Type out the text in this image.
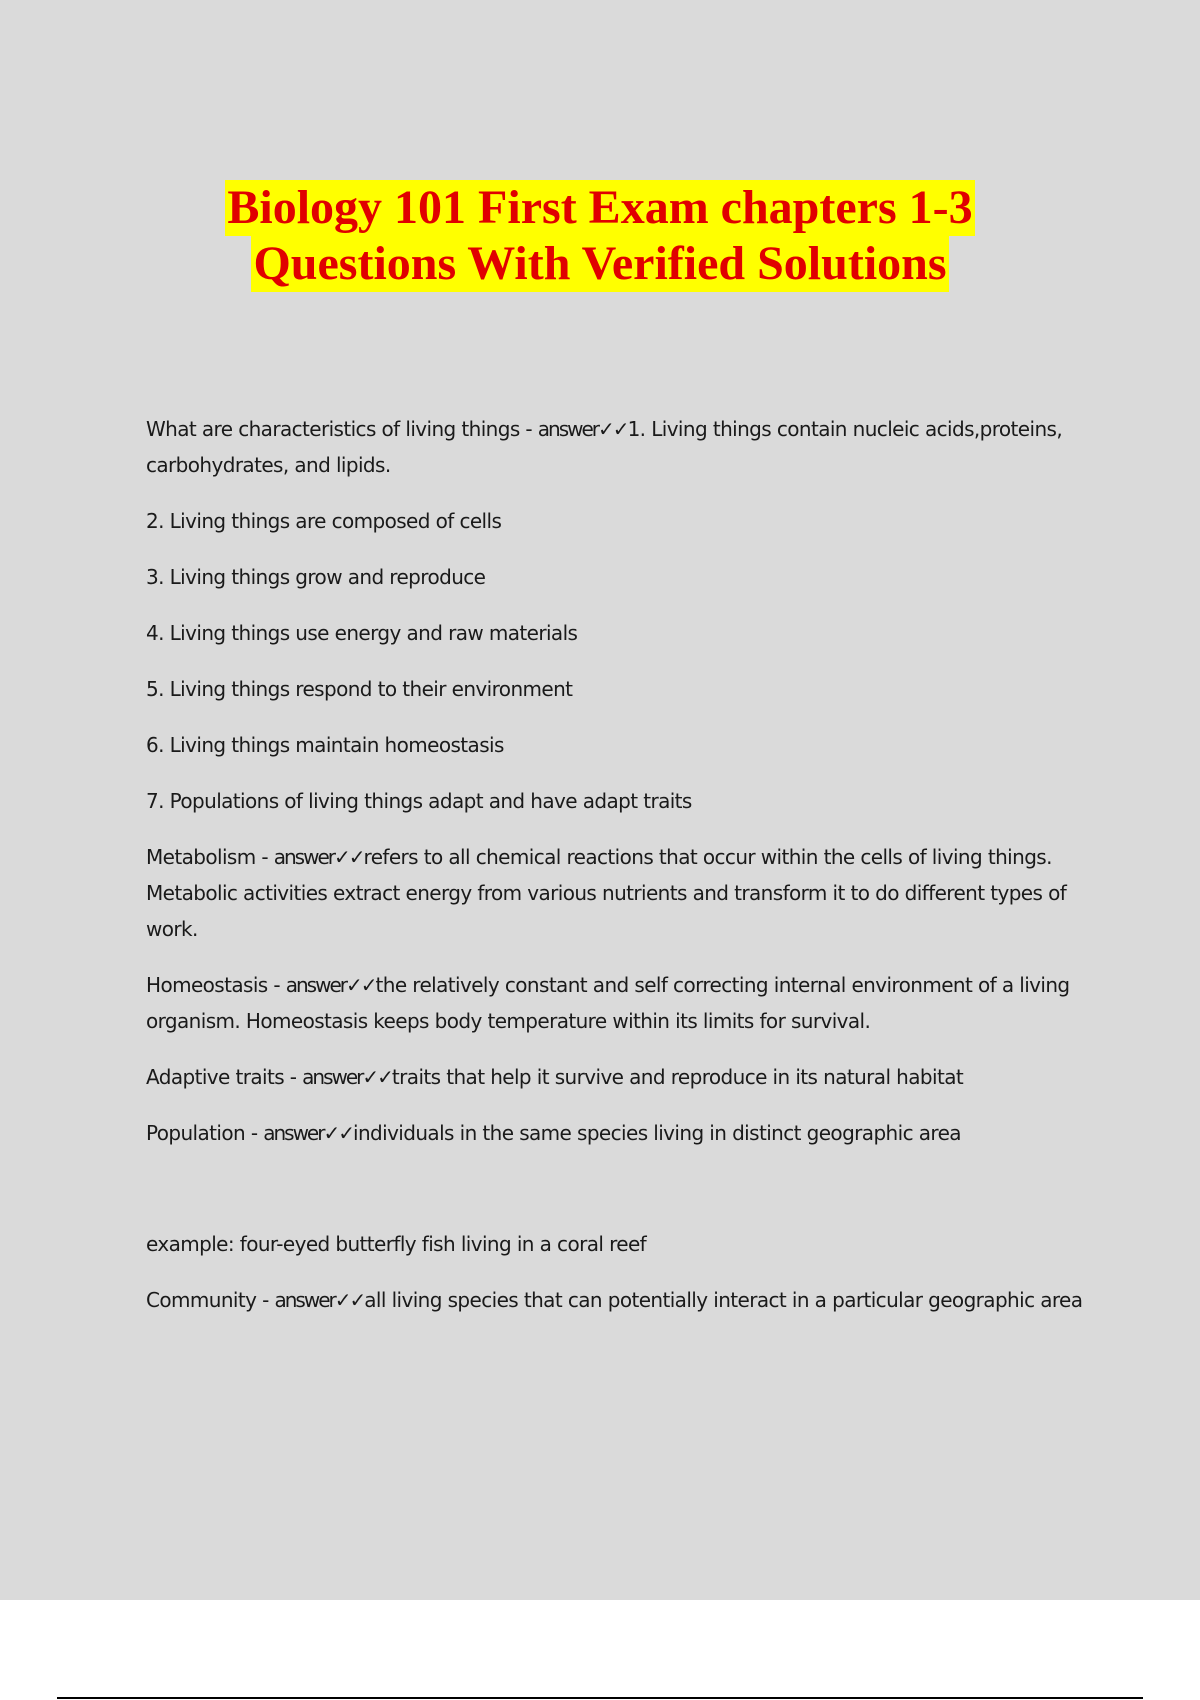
Biology 101 First Exam chapters 1-3
Questions With Verified Solutions

What are characteristics of living things - answer✓✓1. Living things contain nucleic acids,proteins, carbohydrates, and lipids.

2. Living things are composed of cells

3. Living things grow and reproduce

4. Living things use energy and raw materials

5. Living things respond to their environment

6. Living things maintain homeostasis

7. Populations of living things adapt and have adapt traits

Metabolism - answer✓✓refers to all chemical reactions that occur within the cells of living things. Metabolic activities extract energy from various nutrients and transform it to do different types of work.

Homeostasis - answer✓✓the relatively constant and self correcting internal environment of a living organism. Homeostasis keeps body temperature within its limits for survival.

Adaptive traits - answer✓✓traits that help it survive and reproduce in its natural habitat

Population - answer✓✓individuals in the same species living in distinct geographic area

example: four-eyed butterfly fish living in a coral reef

Community - answer✓✓all living species that can potentially interact in a particular geographic area
